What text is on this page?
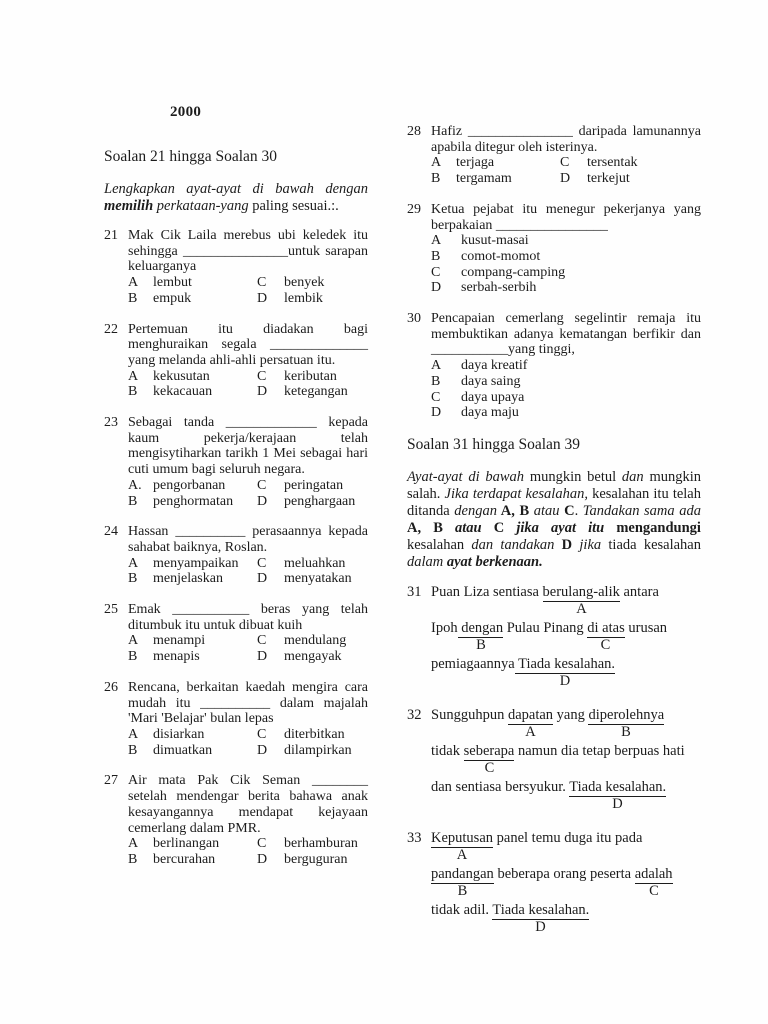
2000
Soalan 21 hingga Soalan 30
Lengkapkan ayat-ayat di bawah dengan memilih perkataan-yang paling sesuai.:.
21 Mak Cik Laila merebus ubi keledek itu sehingga _______________untuk sarapan keluarganya
A	lembut	C	benyek
B	empuk	D	lembik
22 Pertemuan itu diadakan bagi menghuraikan segala ______________ yang melanda ahli-ahli persatuan itu.
A	kekusutan	C	keributan
B	kekacauan	D	ketegangan
23 Sebagai tanda _____________ kepada kaum pekerja/kerajaan telah mengisytiharkan tarikh 1 Mei sebagai hari cuti umum bagi seluruh negara.
A. pengorbanan	C	peringatan
B	penghormatan	D	penghargaan
24 Hassan __________ perasaannya kepada sahabat baiknya, Roslan.
A	menyampaikan	C	meluahkan
B	menjelaskan	D	menyatakan
25 Emak ___________ beras yang telah ditumbuk itu untuk dibuat kuih
A	menampi	C	mendulang
B	menapis	D	mengayak
26 Rencana, berkaitan kaedah mengira cara mudah itu __________ dalam majalah 'Mari 'Belajar' bulan lepas
A	disiarkan	C	diterbitkan
B	dimuatkan	D	dilampirkan
27 Air mata Pak Cik Seman ________ setelah mendengar berita bahawa anak kesayangannya mendapat kejayaan cemerlang dalam PMR.
A	berlinangan	C	berhamburan
B	bercurahan	D	berguguran
28 Hafiz _______________ daripada lamunannya apabila ditegur oleh isterinya.
A	terjaga	C	tersentak
B	tergamam	D	terkejut
29 Ketua pejabat itu menegur pekerjanya yang berpakaian ________________
A	kusut-masai
B	comot-momot
C	compang-camping
D	serbah-serbih
30 Pencapaian cemerlang segelintir remaja itu membuktikan adanya kematangan berfikir dan ___________yang tinggi,
A	daya kreatif
B	daya saing
C	daya upaya
D	daya maju
Soalan 31 hingga Soalan 39
Ayat-ayat di bawah mungkin betul dan mungkin salah. Jika terdapat kesalahan, kesalahan itu telah ditanda dengan A, B atau C. Tandakan sama ada A, B atau C jika ayat itu mengandungi kesalahan dan tandakan D jika tiada kesalahan dalam ayat berkenaan.
31 Puan Liza sentiasa berulang-alik antara
A
Ipoh dengan Pulau Pinang di atas urusan
B	C
pemiagaannya Tiada kesalahan.
D
32 Sungguhpun dapatan yang diperolehnya
A	B
tidak seberapa namun dia tetap berpuas hati
C
dan sentiasa bersyukur. Tiada kesalahan.
D
33 Keputusan panel temu duga itu pada
A
pandangan beberapa orang peserta adalah
B	C
tidak adil. Tiada kesalahan.
D
